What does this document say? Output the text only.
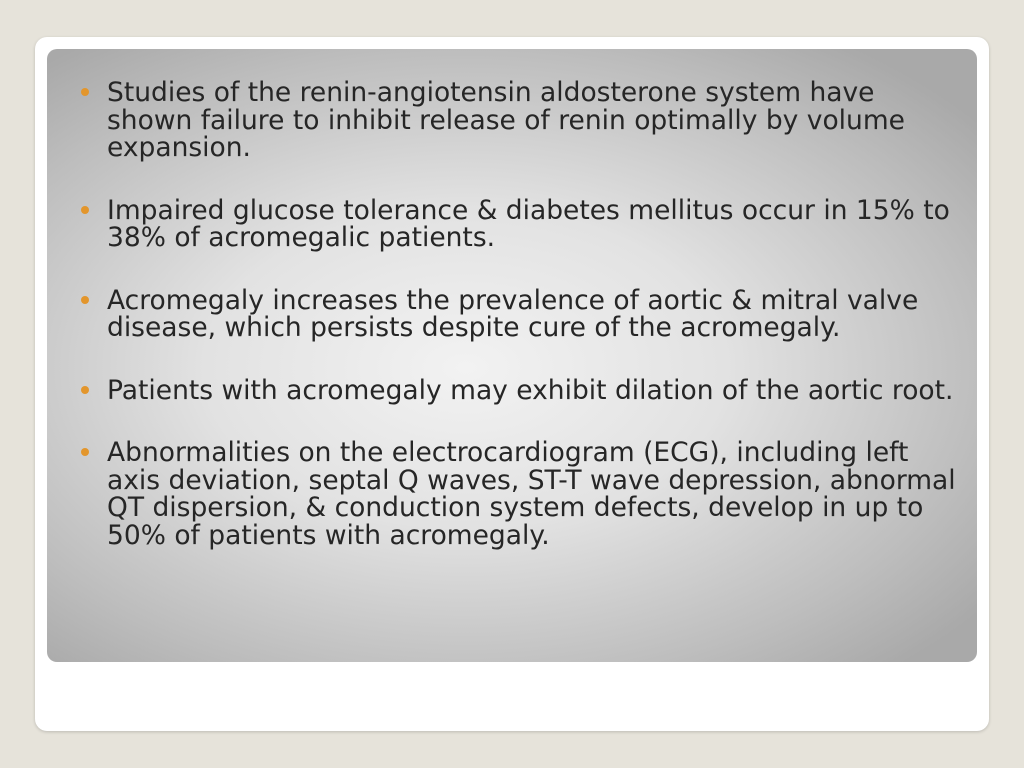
Studies of the renin-angiotensin aldosterone system have shown failure to inhibit release of renin optimally by volume expansion.
Impaired glucose tolerance & diabetes mellitus occur in 15% to 38% of acromegalic patients.
Acromegaly increases the prevalence of aortic & mitral valve disease, which persists despite cure of the acromegaly.
Patients with acromegaly may exhibit dilation of the aortic root.
Abnormalities on the electrocardiogram (ECG), including left axis deviation, septal Q waves, ST-T wave depression, abnormal QT dispersion, & conduction system defects, develop in up to 50% of patients with acromegaly.
